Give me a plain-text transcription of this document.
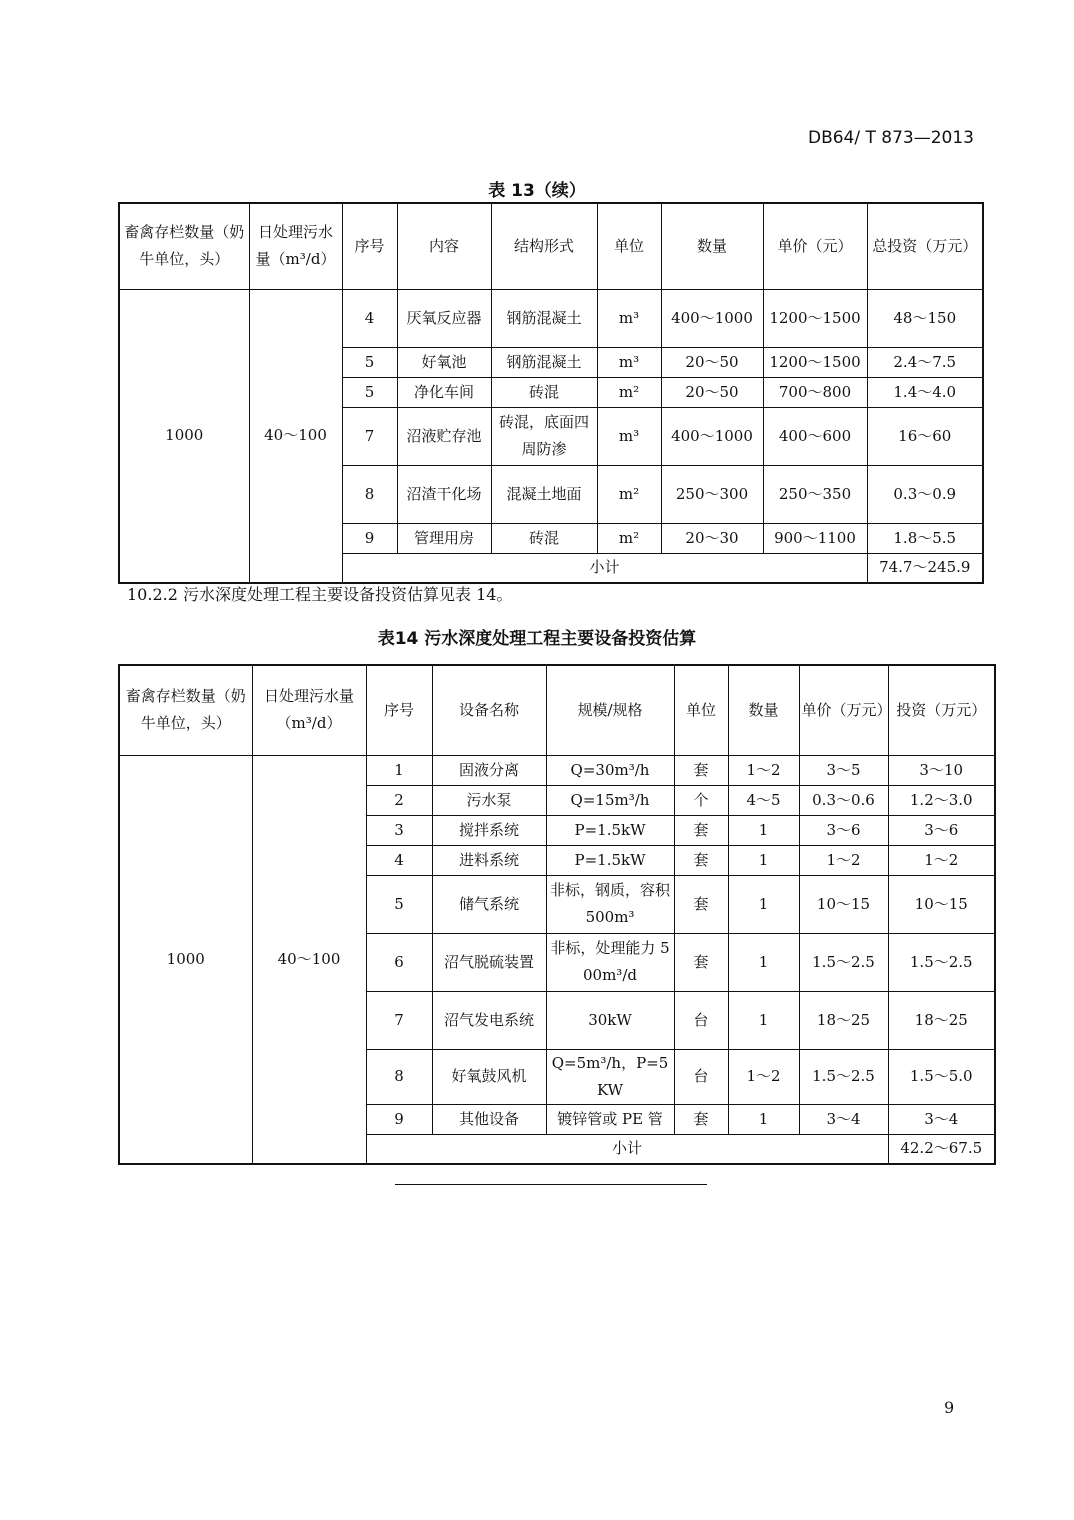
DB64/ T 873—2013
表 13（续）
畜禽存栏数量（奶牛单位，头）	日处理污水量（m³/d）	序号	内容	结构形式	单位	数量	单价（元）	总投资（万元）
1000	40～100	4	厌氧反应器	钢筋混凝土	m³	400～1000	1200～1500	48～150
		5	好氧池	钢筋混凝土	m³	20～50	1200～1500	2.4～7.5
		5	净化车间	砖混	m²	20～50	700～800	1.4～4.0
		7	沼液贮存池	砖混，底面四周防渗	m³	400～1000	400～600	16～60
		8	沼渣干化场	混凝土地面	m²	250～300	250～350	0.3～0.9
		9	管理用房	砖混	m²	20～30	900～1100	1.8～5.5
		小计						74.7～245.9
10.2.2 污水深度处理工程主要设备投资估算见表 14。
表14 污水深度处理工程主要设备投资估算
畜禽存栏数量（奶牛单位，头）	日处理污水量（m³/d）	序号	设备名称	规模/规格	单位	数量	单价（万元）	投资（万元）
1000	40～100	1	固液分离	Q=30m³/h	套	1～2	3～5	3～10
		2	污水泵	Q=15m³/h	个	4～5	0.3～0.6	1.2～3.0
		3	搅拌系统	P=1.5kW	套	1	3～6	3～6
		4	进料系统	P=1.5kW	套	1	1～2	1～2
		5	储气系统	非标，钢质，容积 500m³	套	1	10～15	10～15
		6	沼气脱硫装置	非标，处理能力 500m³/d	套	1	1.5～2.5	1.5～2.5
		7	沼气发电系统	30kW	台	1	18～25	18～25
		8	好氧鼓风机	Q=5m³/h，P=5KW	台	1～2	1.5～2.5	1.5～5.0
		9	其他设备	镀锌管或 PE 管	套	1	3～4	3～4
		小计						42.2～67.5
9
